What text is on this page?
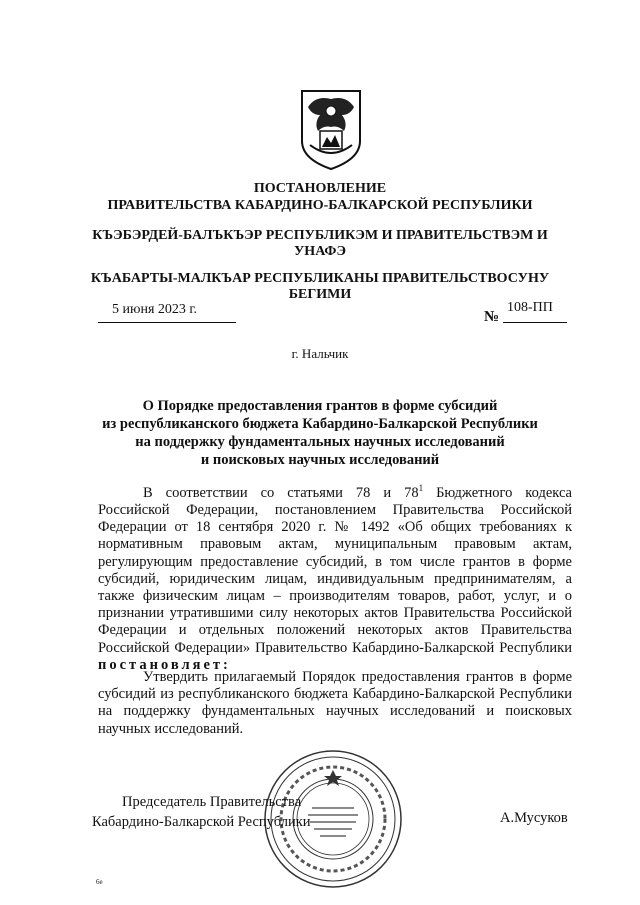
ПОСТАНОВЛЕНИЕ
ПРАВИТЕЛЬСТВА КАБАРДИНО-БАЛКАРСКОЙ РЕСПУБЛИКИ
КЪЭБЭРДЕЙ-БАЛЪКЪЭР РЕСПУБЛИКЭМ И ПРАВИТЕЛЬСТВЭМ И
УНАФЭ
КЪАБАРТЫ-МАЛКЪАР РЕСПУБЛИКАНЫ ПРАВИТЕЛЬСТВОСУНУ
БЕГИМИ
5 июня 2023 г.	№
108-ПП
г. Нальчик
О Порядке предоставления грантов в форме субсидий
из республиканского бюджета Кабардино-Балкарской Республики
на поддержку фундаментальных научных исследований
и поисковых научных исследований
В соответствии со статьями 78 и $78^1$ Бюджетного кодекса Российской Федерации, постановлением Правительства Российской Федерации от 18 сентября 2020 г. № 1492 «Об общих требованиях к нормативным правовым актам, муниципальным правовым актам, регулирующим предоставление субсидий, в том числе грантов в форме субсидий, юридическим лицам, индивидуальным предпринимателям, а также физическим лицам – производителям товаров, работ, услуг, и о признании утратившими силу некоторых актов Правительства Российской Федерации и отдельных положений некоторых актов Правительства Российской Федерации» Правительство Кабардино-Балкарской Республики постановляет:
Утвердить прилагаемый Порядок предоставления грантов в форме субсидий из республиканского бюджета Кабардино-Балкарской Республики на поддержку фундаментальных научных исследований и поисковых научных исследований.
Председатель Правительства
Кабардино-Балкарской Республики	А.Мусуков
6е
